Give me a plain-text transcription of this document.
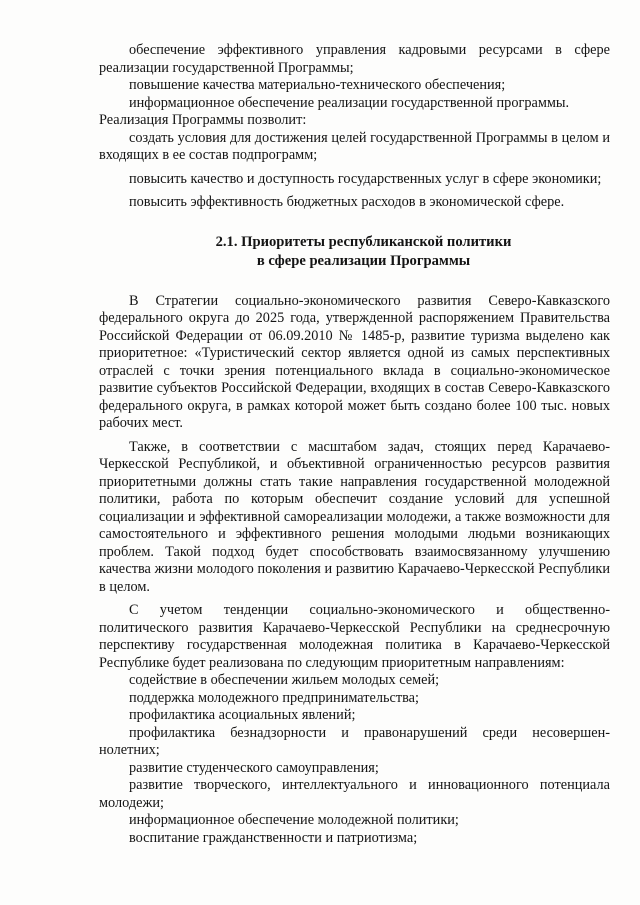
обеспечение эффективного управления кадровыми ресурсами в сфере реализации государственной Программы;

повышение качества материально-технического обеспечения;

информационное обеспечение реализации государственной программы.

Реализация Программы позволит:

создать условия для достижения целей государственной Программы в целом и входящих в ее состав подпрограмм;

повысить качество и доступность государственных услуг в сфере экономики;

повысить эффективность бюджетных расходов в экономической сфере.

2.1. Приоритеты республиканской политики
в сфере реализации Программы

В Стратегии социально-экономического развития Северо-Кавказского федерального округа до 2025 года, утвержденной распоряжением Правительства Российской Федерации от 06.09.2010 № 1485-р, развитие туризма выделено как приоритетное: «Туристический сектор является одной из самых перспективных отраслей с точки зрения потенциального вклада в социально-экономическое развитие субъектов Российской Федерации, входящих в состав Северо-Кавказского федерального округа, в рамках которой может быть создано более 100 тыс. новых рабочих мест.

Также, в соответствии с масштабом задач, стоящих перед Карачаево-Черкесской Республикой, и объективной ограниченностью ресурсов развития приоритетными должны стать такие направления государственной молодежной политики, работа по которым обеспечит создание условий для успешной социализации и эффективной самореализации молодежи, а также возможности для самостоятельного и эффективного решения молодыми людьми возникающих проблем. Такой подход будет способствовать взаимосвязанному улучшению качества жизни молодого поколения и развитию Карачаево-Черкесской Республики в целом.

С учетом тенденции социально-экономического и общественно-политического развития Карачаево-Черкесской Республики на среднесрочную перспективу государственная молодежная политика в Карачаево-Черкесской Республике будет реализована по следующим приоритетным направлениям:

содействие в обеспечении жильем молодых семей;

поддержка молодежного предпринимательства;

профилактика асоциальных явлений;

профилактика безнадзорности и правонарушений среди несовершен-нолетних;

развитие студенческого самоуправления;

развитие творческого, интеллектуального и инновационного потенциала молодежи;

информационное обеспечение молодежной политики;

воспитание гражданственности и патриотизма;
